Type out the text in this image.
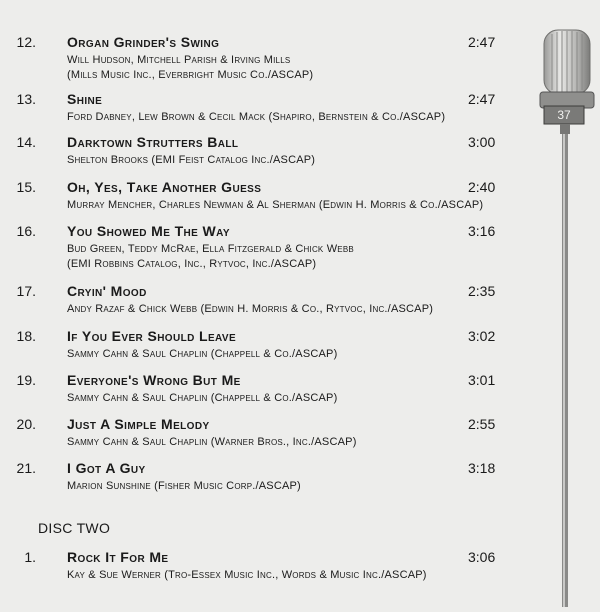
12. Organ Grinder's Swing	2:47
Will Hudson, Mitchell Parish & Irving Mills
(Mills Music Inc., Everbright Music Co./ASCAP)
13. Shine	2:47
Ford Dabney, Lew Brown & Cecil Mack (Shapiro, Bernstein & Co./ASCAP)
14. Darktown Strutters Ball	3:00
Shelton Brooks (EMI Feist Catalog Inc./ASCAP)
15. Oh, Yes, Take Another Guess	2:40
Murray Mencher, Charles Newman & Al Sherman (Edwin H. Morris & Co./ASCAP)
16. You Showed Me The Way	3:16
Bud Green, Teddy McRae, Ella Fitzgerald & Chick Webb
(EMI Robbins Catalog, Inc., Rytvoc, Inc./ASCAP)
17. Cryin' Mood	2:35
Andy Razaf & Chick Webb (Edwin H. Morris & Co., Rytvoc, Inc./ASCAP)
18. If You Ever Should Leave	3:02
Sammy Cahn & Saul Chaplin (Chappell & Co./ASCAP)
19. Everyone's Wrong But Me	3:01
Sammy Cahn & Saul Chaplin (Chappell & Co./ASCAP)
20. Just A Simple Melody	2:55
Sammy Cahn & Saul Chaplin (Warner Bros., Inc./ASCAP)
21. I Got A Guy	3:18
Marion Sunshine (Fisher Music Corp./ASCAP)
DISC TWO
1. Rock It For Me	3:06
Kay & Sue Werner (Tro-Essex Music Inc., Words & Music Inc./ASCAP)
37
